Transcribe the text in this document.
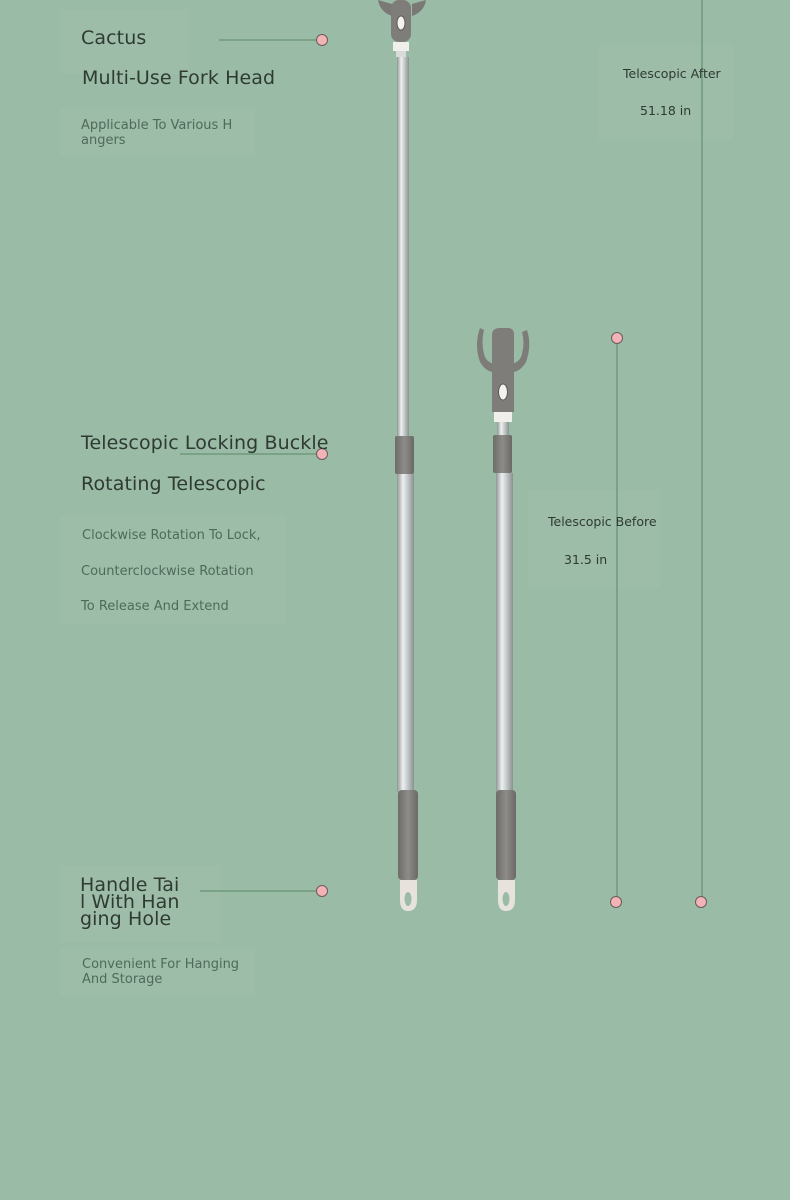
Cactus
Multi-Use Fork Head
Applicable To Various H
angers
Telescopic Locking Buckle
Rotating Telescopic
Clockwise Rotation To Lock,
Counterclockwise Rotation
To Release And Extend
Handle Tai
l With Han
ging Hole
Convenient For Hanging
And Storage
Telescopic After
51.18 in
Telescopic Before
31.5 in
